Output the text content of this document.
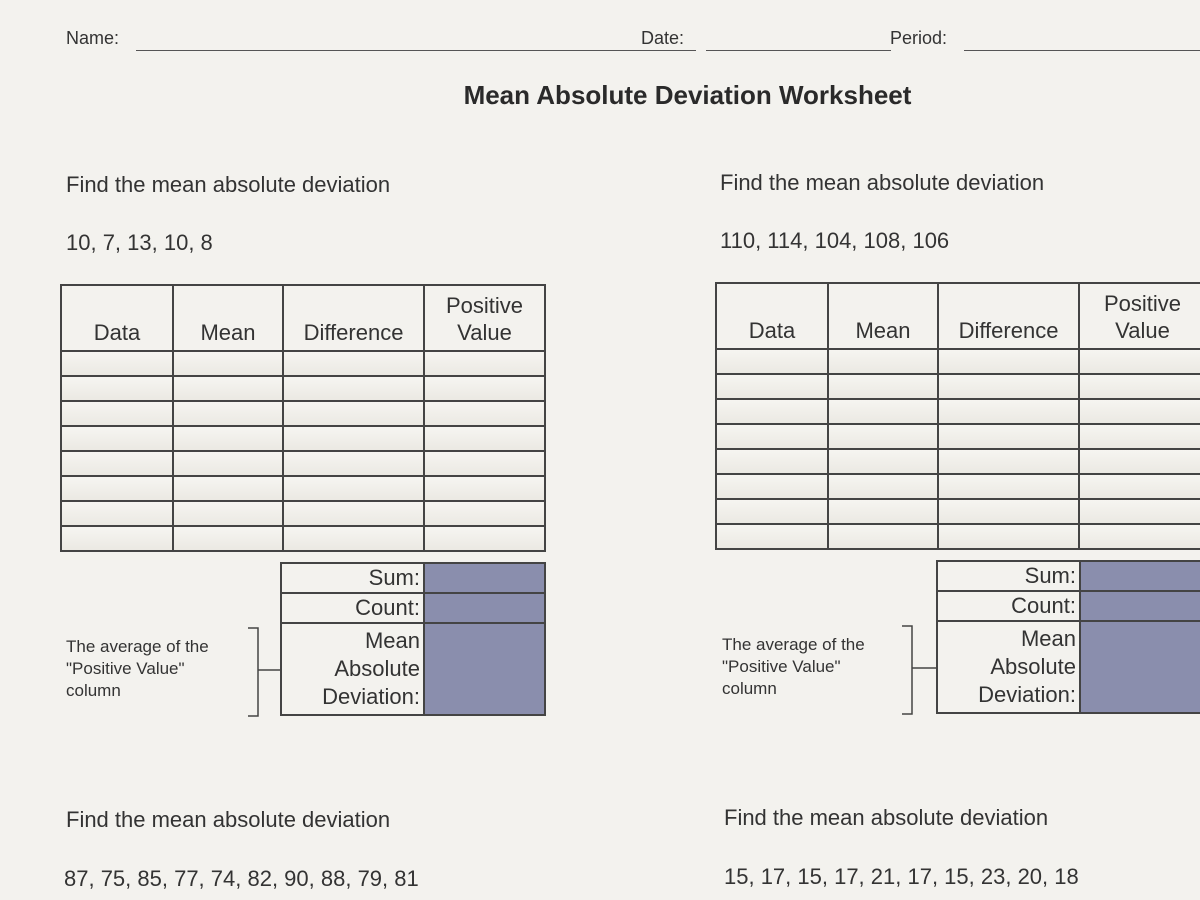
Name:	Date:	Period:
Mean Absolute Deviation Worksheet
Find the mean absolute deviation
10, 7, 13, 10, 8
Data	Mean	Difference	Positive
Value

Sum:	
Count:	
Mean
Absolute
Deviation:	
The average of the
"Positive Value"
column
Find the mean absolute deviation
110, 114, 104, 108, 106
Data	Mean	Difference	Positive
Value

Sum:	
Count:	
Mean
Absolute
Deviation:	
The average of the
"Positive Value"
column
Find the mean absolute deviation
87, 75, 85, 77, 74, 82, 90, 88, 79, 81
Find the mean absolute deviation
15, 17, 15, 17, 21, 17, 15, 23, 20, 18
